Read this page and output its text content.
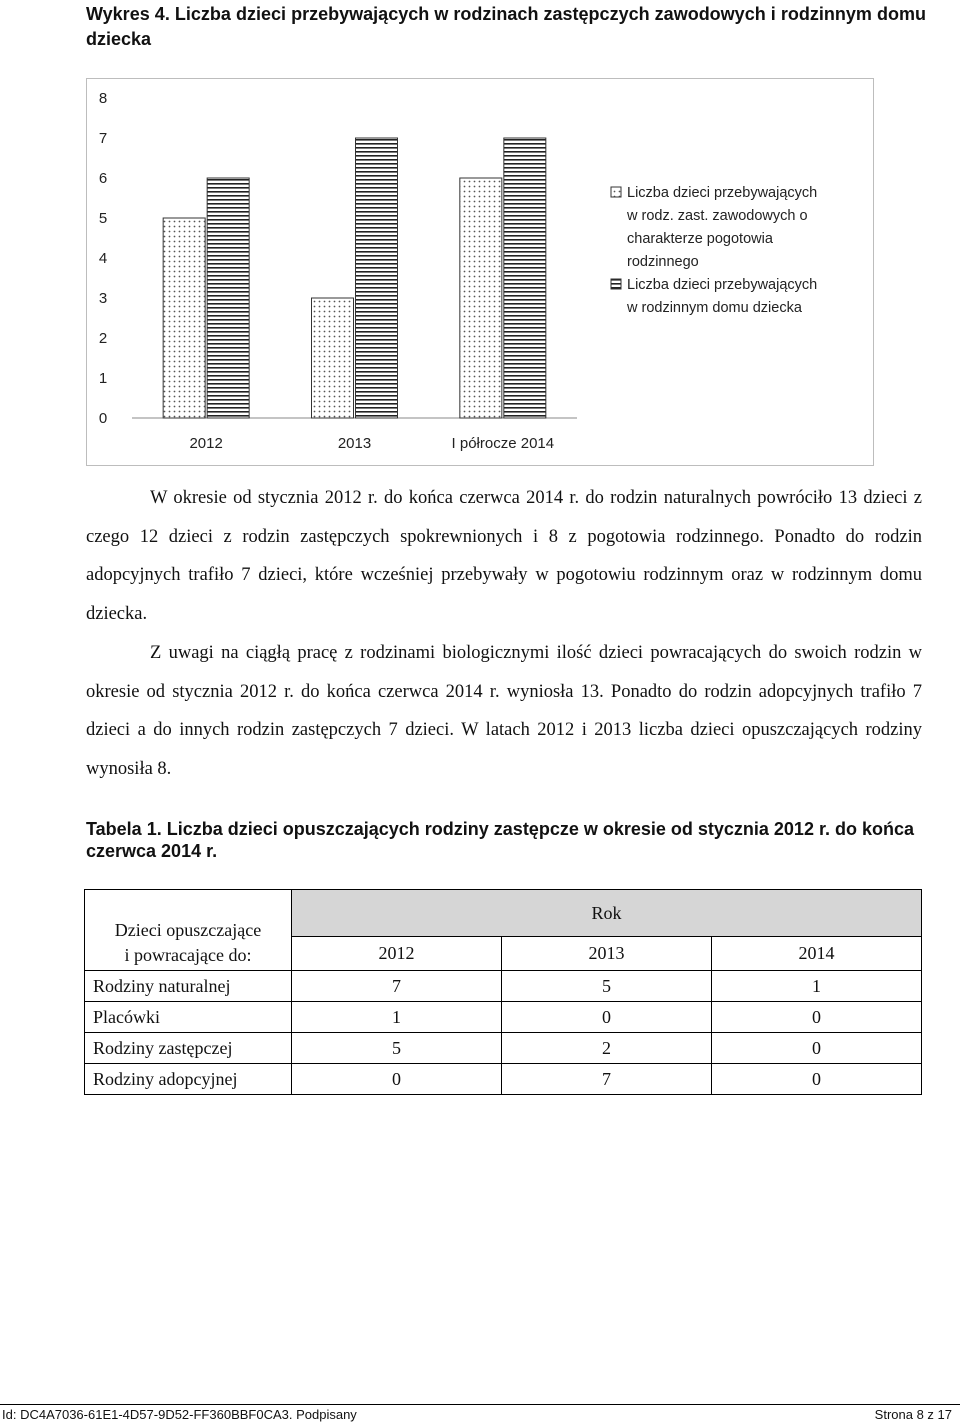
Wykres 4. Liczba dzieci przebywających w rodzinach zastępczych zawodowych i rodzinnym domu dziecka
0
1
2
3
4
5
6
7
8
2012	2013	I półrocze 2014
Liczba dzieci przebywających
w rodz. zast. zawodowych o
charakterze pogotowia
rodzinnego
Liczba dzieci przebywających
w rodzinnym domu dziecka

W okresie od stycznia 2012 r. do końca czerwca 2014 r. do rodzin naturalnych powróciło 13 dzieci z czego 12 dzieci z rodzin zastępczych spokrewnionych i 8 z pogotowia rodzinnego. Ponadto do rodzin adopcyjnych trafiło 7 dzieci, które wcześniej przebywały w pogotowiu rodzinnym oraz w rodzinnym domu dziecka.

Z uwagi na ciągłą pracę z rodzinami biologicznymi ilość dzieci powracających do swoich rodzin w okresie od stycznia 2012 r. do końca czerwca 2014 r. wyniosła 13. Ponadto do rodzin adopcyjnych trafiło 7 dzieci a do innych rodzin zastępczych 7 dzieci. W latach 2012 i 2013 liczba dzieci opuszczających rodziny wynosiła 8.

Tabela 1. Liczba dzieci opuszczających rodziny zastępcze w okresie od stycznia 2012 r. do końca czerwca 2014 r.
Dzieci opuszczające
i powracające do:	Rok		
	2012	2013	2014
Rodziny naturalnej	7	5	1
Placówki	1	0	0
Rodziny zastępczej	5	2	0
Rodziny adopcyjnej	0	7	0
Id: DC4A7036-61E1-4D57-9D52-FF360BBF0CA3. Podpisany	Strona 8 z 17
